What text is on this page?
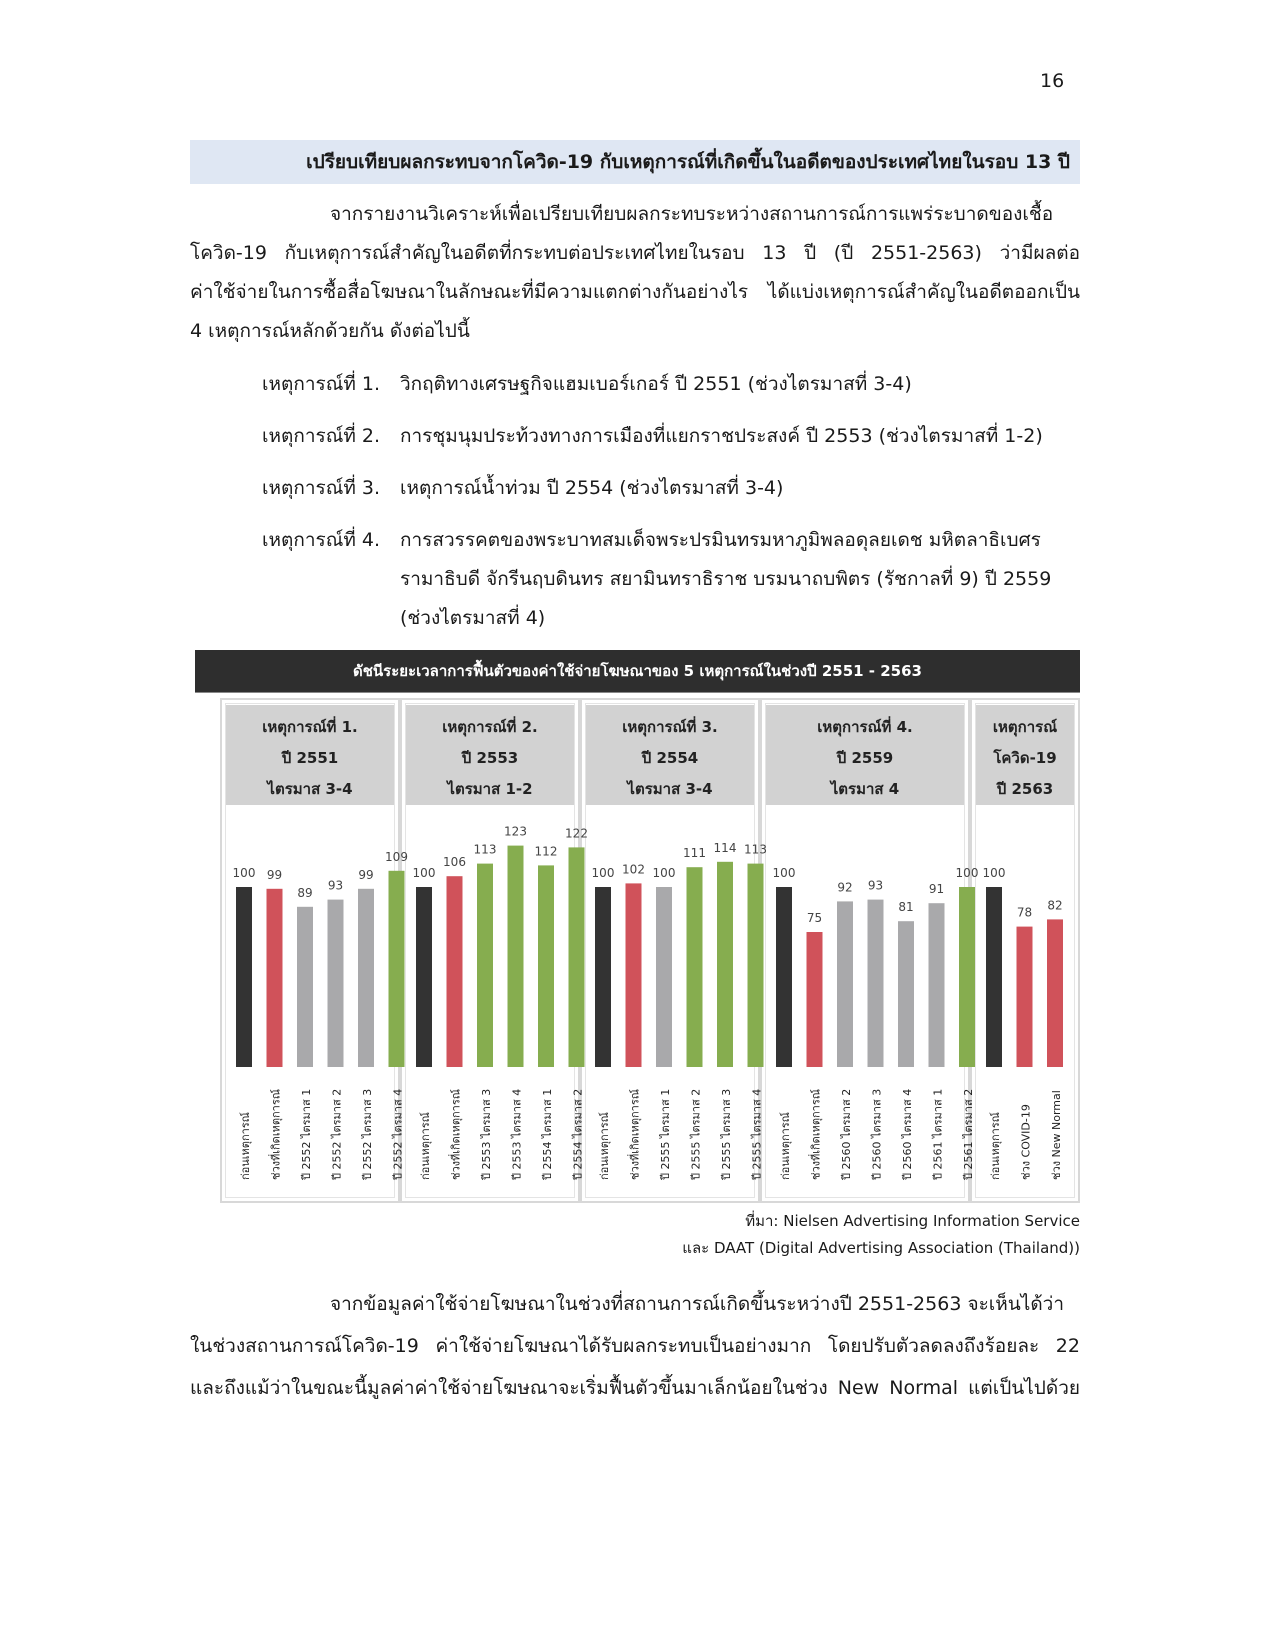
16
เปรียบเทียบผลกระทบจากโควิด-19 กับเหตุการณ์ที่เกิดขึ้นในอดีตของประเทศไทยในรอบ 13 ปี
จากรายงานวิเคราะห์เพื่อเปรียบเทียบผลกระทบระหว่างสถานการณ์การแพร่ระบาดของเชื้อ
โควิด-19 กับเหตุการณ์สำคัญในอดีตที่กระทบต่อประเทศไทยในรอบ 13 ปี (ปี 2551-2563) ว่ามีผลต่อ
ค่าใช้จ่ายในการซื้อสื่อโฆษณาในลักษณะที่มีความแตกต่างกันอย่างไร ได้แบ่งเหตุการณ์สำคัญในอดีตออกเป็น
4 เหตุการณ์หลักด้วยกัน ดังต่อไปนี้
เหตุการณ์ที่ 1. วิกฤติทางเศรษฐกิจแฮมเบอร์เกอร์ ปี 2551 (ช่วงไตรมาสที่ 3-4)
เหตุการณ์ที่ 2. การชุมนุมประท้วงทางการเมืองที่แยกราชประสงค์ ปี 2553 (ช่วงไตรมาสที่ 1-2)
เหตุการณ์ที่ 3. เหตุการณ์น้ำท่วม ปี 2554 (ช่วงไตรมาสที่ 3-4)
เหตุการณ์ที่ 4. การสวรรคตของพระบาทสมเด็จพระปรมินทรมหาภูมิพลอดุลยเดช มหิตลาธิเบศร
รามาธิบดี จักรีนฤบดินทร สยามินทราธิราช บรมนาถบพิตร (รัชกาลที่ 9) ปี 2559
(ช่วงไตรมาสที่ 4)
ดัชนีระยะเวลาการฟื้นตัวของค่าใช้จ่ายโฆษณาของ 5 เหตุการณ์ในช่วงปี 2551 - 2563
เหตุการณ์ที่ 1.
ปี 2551
ไตรมาส 3-4
เหตุการณ์ที่ 2.
ปี 2553
ไตรมาส 1-2
เหตุการณ์ที่ 3.
ปี 2554
ไตรมาส 3-4
เหตุการณ์ที่ 4.
ปี 2559
ไตรมาส 4
เหตุการณ์
โควิด-19
ปี 2563
100
ก่อนเหตุการณ์
99
ช่วงที่เกิดเหตุการณ์
89
ปี 2552 ไตรมาส 1
93
ปี 2552 ไตรมาส 2
99
ปี 2552 ไตรมาส 3
109
ปี 2552 ไตรมาส 4
100
ก่อนเหตุการณ์
106
ช่วงที่เกิดเหตุการณ์
113
ปี 2553 ไตรมาส 3
123
ปี 2553 ไตรมาส 4
112
ปี 2554 ไตรมาส 1
122
ปี 2554 ไตรมาส 2
100
ก่อนเหตุการณ์
102
ช่วงที่เกิดเหตุการณ์
100
ปี 2555 ไตรมาส 1
111
ปี 2555 ไตรมาส 2
114
ปี 2555 ไตรมาส 3
113
ปี 2555 ไตรมาส 4
100
ก่อนเหตุการณ์
75
ช่วงที่เกิดเหตุการณ์
92
ปี 2560 ไตรมาส 2
93
ปี 2560 ไตรมาส 3
81
ปี 2560 ไตรมาส 4
91
ปี 2561 ไตรมาส 1
100
ปี 2561 ไตรมาส 2
100
ก่อนเหตุการณ์
78
ช่วง COVID-19
82
ช่วง New Normal
ที่มา: Nielsen Advertising Information Service
และ DAAT (Digital Advertising Association (Thailand))
จากข้อมูลค่าใช้จ่ายโฆษณาในช่วงที่สถานการณ์เกิดขึ้นระหว่างปี 2551-2563 จะเห็นได้ว่า
ในช่วงสถานการณ์โควิด-19 ค่าใช้จ่ายโฆษณาได้รับผลกระทบเป็นอย่างมาก โดยปรับตัวลดลงถึงร้อยละ 22
และถึงแม้ว่าในขณะนี้มูลค่าค่าใช้จ่ายโฆษณาจะเริ่มฟื้นตัวขึ้นมาเล็กน้อยในช่วง New Normal แต่เป็นไปด้วย
